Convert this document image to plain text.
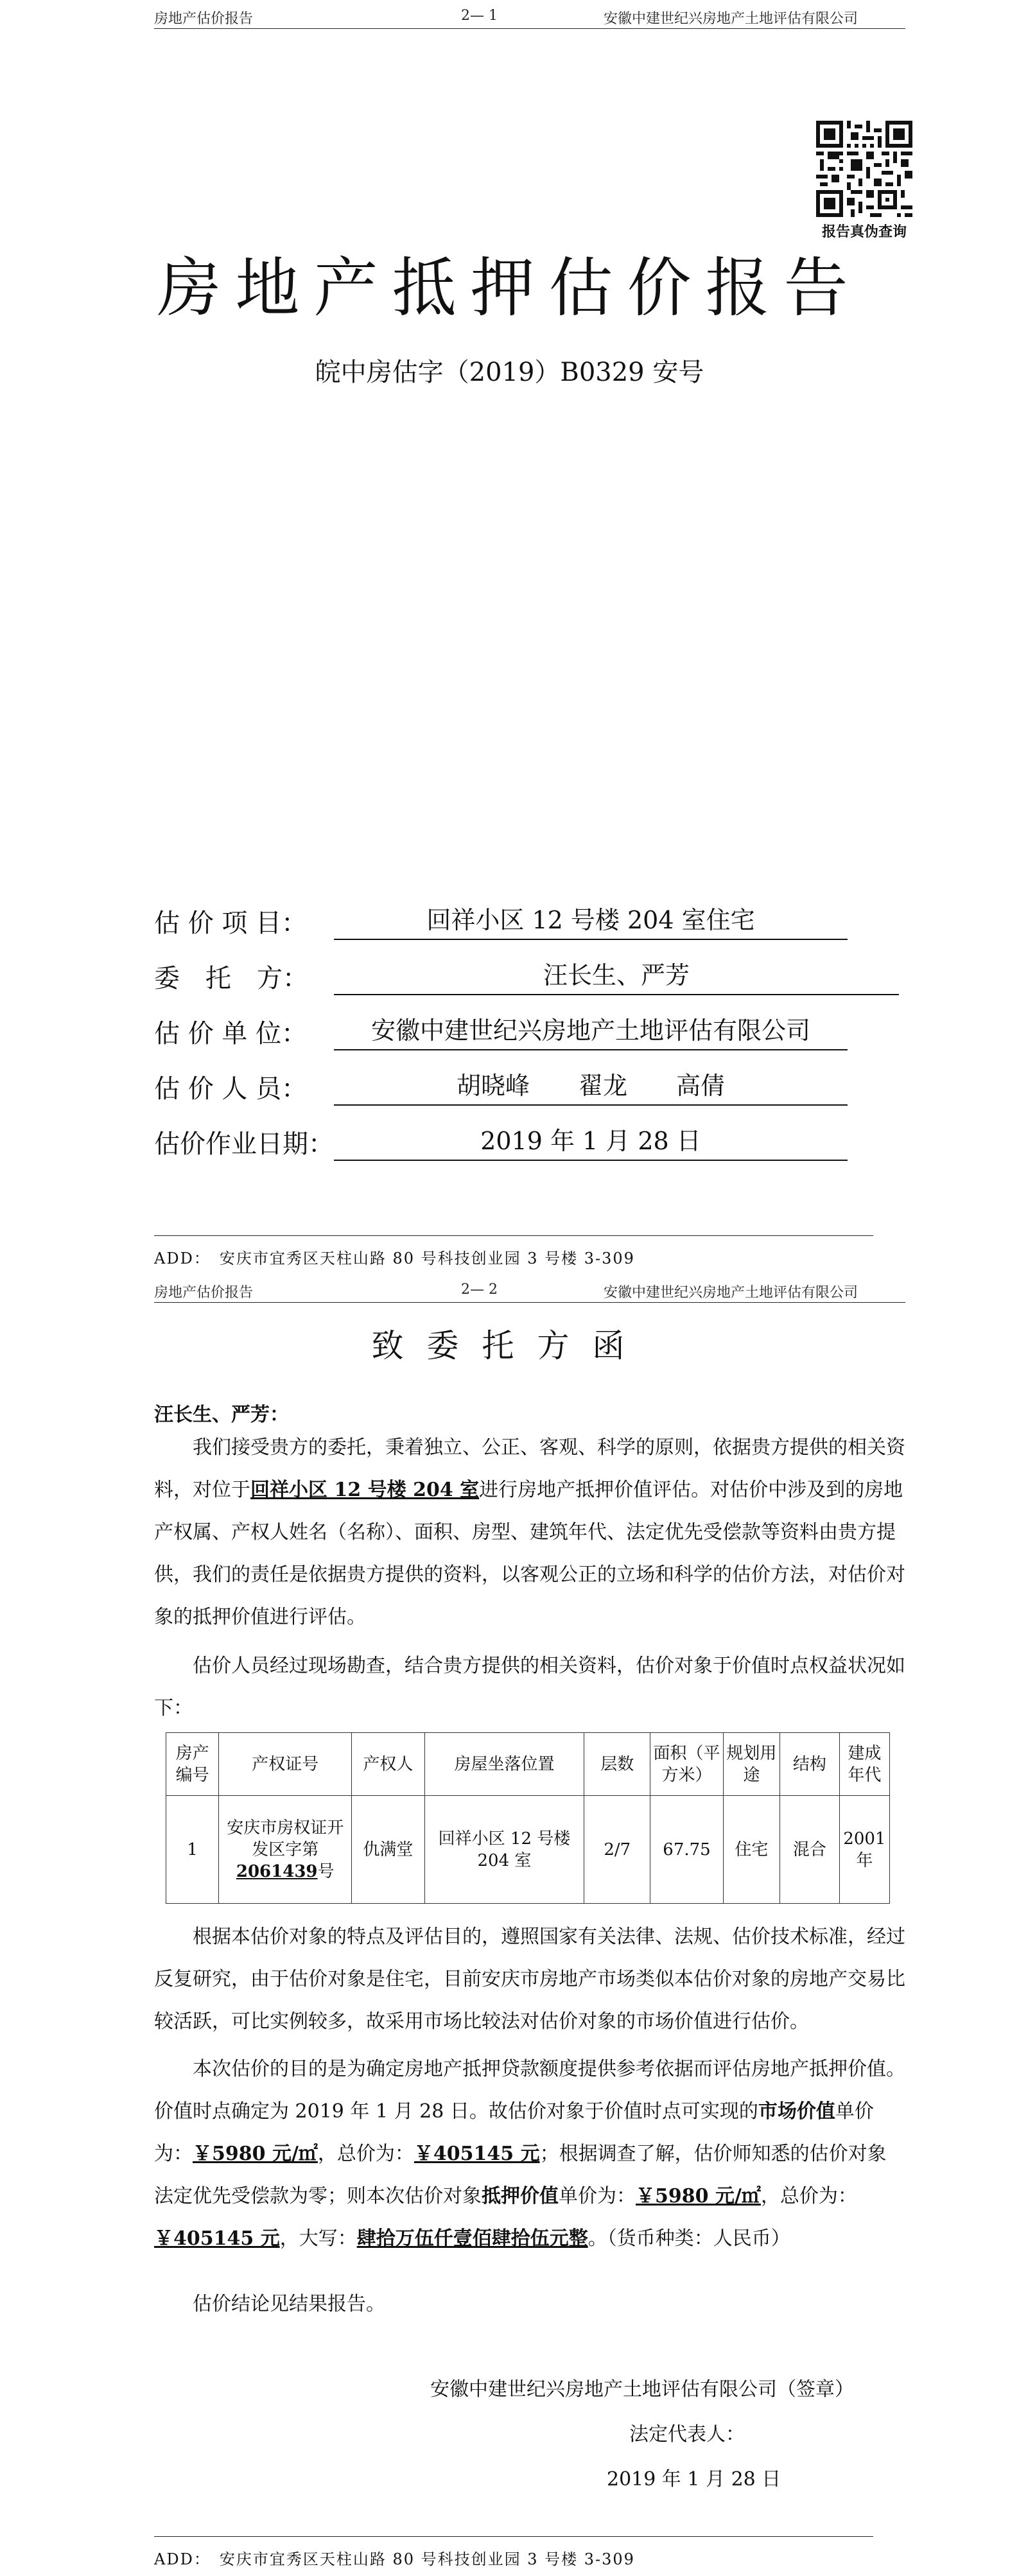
房地产估价报告	2— 1	安徽中建世纪兴房地产土地评估有限公司
报告真伪查询
房地产抵押估价报告
皖中房估字（2019）B0329 安号
估 价 项 目：	回祥小区 12 号楼 204 室住宅
委　托　方：	汪长生、严芳
估 价 单 位：	安徽中建世纪兴房地产土地评估有限公司
估 价 人 员：	胡晓峰　　翟龙　　高倩
估价作业日期：	2019 年 1 月 28 日
ADD：　安庆市宜秀区天柱山路 80 号科技创业园 3 号楼 3-309
房地产估价报告	2— 2	安徽中建世纪兴房地产土地评估有限公司
致委托方函
汪长生、严芳：
我们接受贵方的委托，秉着独立、公正、客观、科学的原则，依据贵方提供的相关资料，对位于回祥小区 12 号楼 204 室进行房地产抵押价值评估。对估价中涉及到的房地产权属、产权人姓名（名称）、面积、房型、建筑年代、法定优先受偿款等资料由贵方提供，我们的责任是依据贵方提供的资料，以客观公正的立场和科学的估价方法，对估价对象的抵押价值进行评估。
估价人员经过现场勘查，结合贵方提供的相关资料，估价对象于价值时点权益状况如下：
房产编号	产权证号	产权人	房屋坐落位置	层数	面积（平方米）	规划用途	结构	建成年代
1	安庆市房权证开发区字第2061439号	仇满堂	回祥小区 12 号楼 204 室	2/7	67.75	住宅	混合	2001 年
根据本估价对象的特点及评估目的，遵照国家有关法律、法规、估价技术标准，经过反复研究，由于估价对象是住宅，目前安庆市房地产市场类似本估价对象的房地产交易比较活跃，可比实例较多，故采用市场比较法对估价对象的市场价值进行估价。
本次估价的目的是为确定房地产抵押贷款额度提供参考依据而评估房地产抵押价值。价值时点确定为 2019 年 1 月 28 日。故估价对象于价值时点可实现的市场价值单价为：￥5980 元/㎡，总价为：￥405145 元；根据调查了解，估价师知悉的估价对象法定优先受偿款为零；则本次估价对象抵押价值单价为：￥5980 元/㎡，总价为：￥405145 元，大写：肆拾万伍仟壹佰肆拾伍元整。（货币种类：人民币）
估价结论见结果报告。
安徽中建世纪兴房地产土地评估有限公司（签章）
法定代表人：
2019 年 1 月 28 日
ADD：　安庆市宜秀区天柱山路 80 号科技创业园 3 号楼 3-309
